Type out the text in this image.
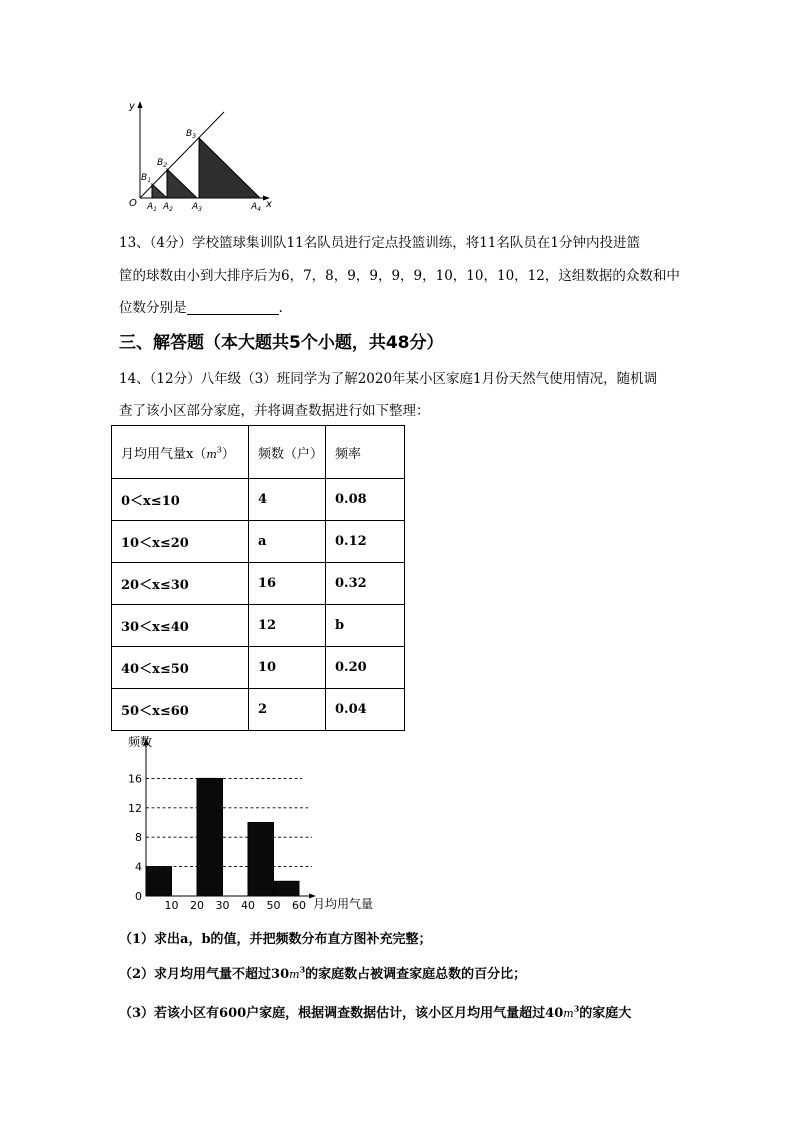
y
x
O
$B_1$
$B_2$
$B_3$
$A_1$ $A_2$ $A_3$	$A_4$
13、（4分）学校篮球集训队11名队员进行定点投篮训练，将11名队员在1分钟内投进篮
筐的球数由小到大排序后为6，7，8，9，9，9，9，10，10，10，12，这组数据的众数和中
位数分别是	.
三、解答题（本大题共5个小题，共48分）
14、（12分）八年级（3）班同学为了解2020年某小区家庭1月份天然气使用情况，随机调
查了该小区部分家庭，并将调查数据进行如下整理：
月均用气量$x(m^3)$	频数（户）	频率
0＜x≤10	4	0.08
10＜x≤20	a	0.12
20＜x≤30	16	0.32
30＜x≤40	12	b
40＜x≤50	10	0.20
50＜x≤60	2	0.04
16
12
8
4
0
10 20 30 40 50 60
频数
月均用气量
（1）求出a，b的值，并把频数分布直方图补充完整；
（2）求月均用气量不超过$30m^3$的家庭数占被调查家庭总数的百分比；
（3）若该小区有600户家庭，根据调查数据估计，该小区月均用气量超过$40m^3$的家庭大
